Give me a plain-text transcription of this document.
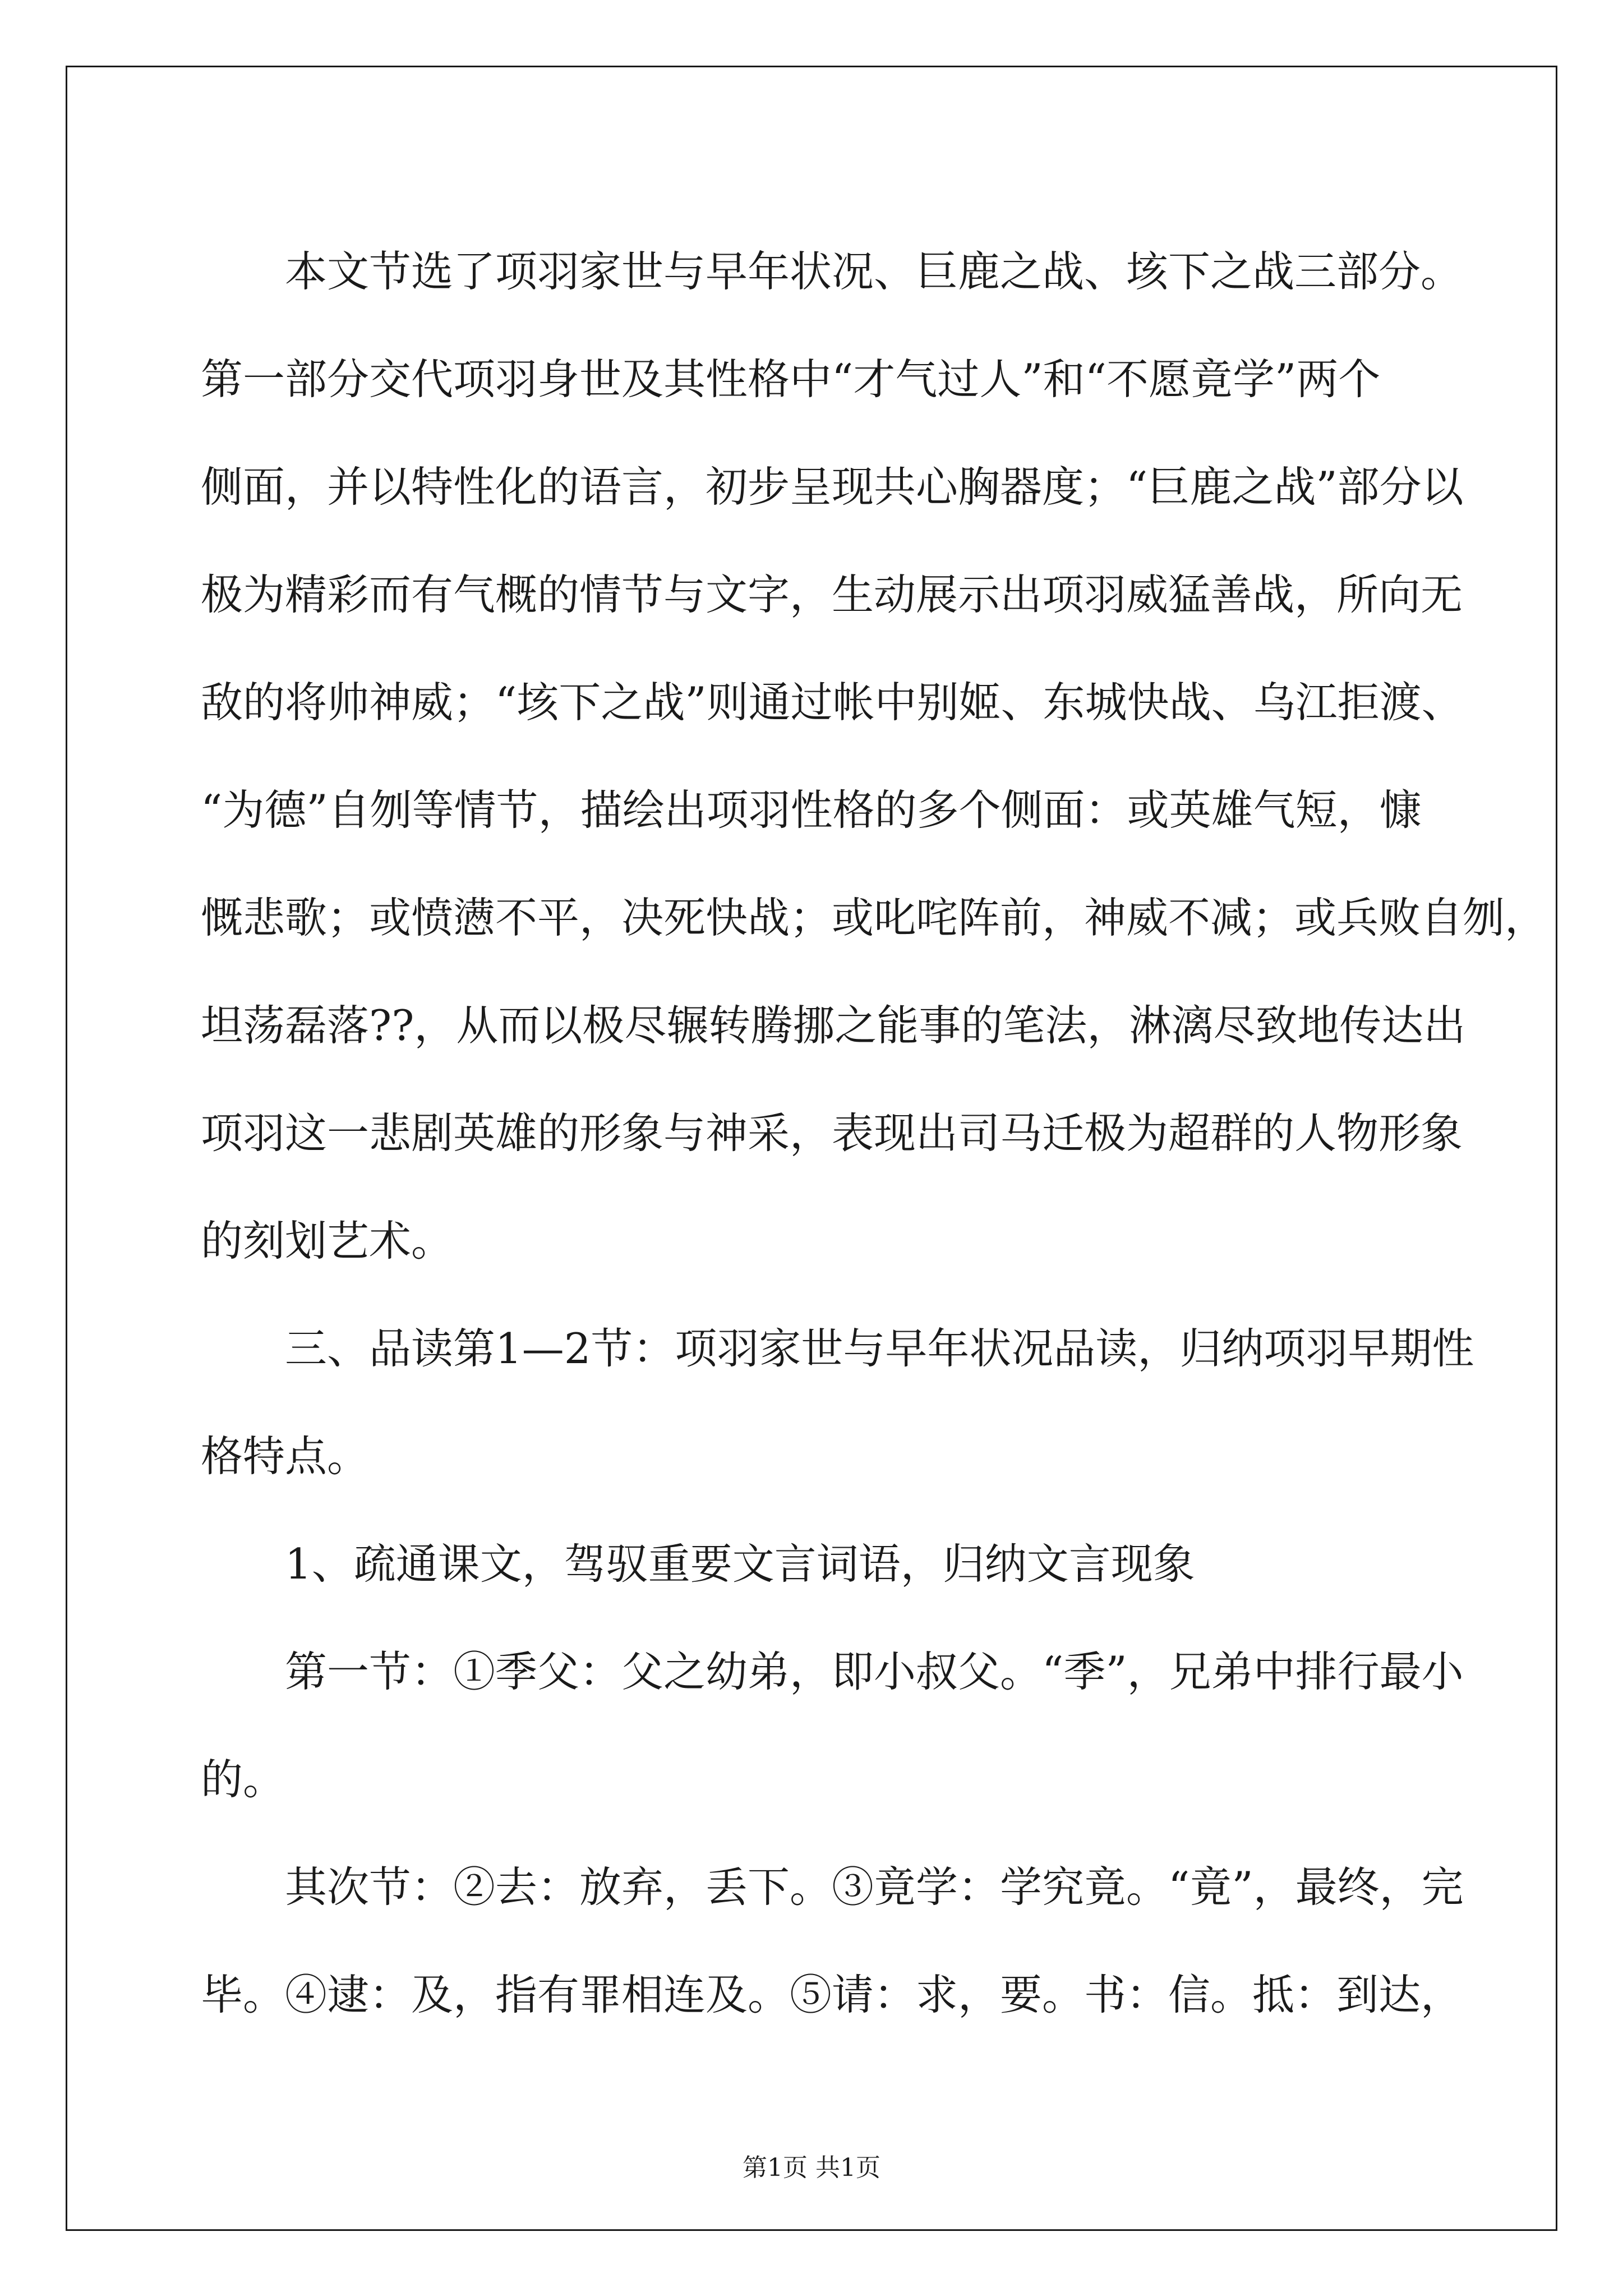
本文节选了项羽家世与早年状况、巨鹿之战、垓下之战三部分。
第一部分交代项羽身世及其性格中“才气过人”和“不愿竟学”两个
侧面，并以特性化的语言，初步呈现共心胸器度；“巨鹿之战”部分以
极为精彩而有气概的情节与文字，生动展示出项羽威猛善战，所向无
敌的将帅神威；“垓下之战”则通过帐中别姬、东城快战、乌江拒渡、
“为德”自刎等情节，描绘出项羽性格的多个侧面：或英雄气短，慷
慨悲歌；或愤懑不平，决死快战；或叱咤阵前，神威不减；或兵败自刎，
坦荡磊落??，从而以极尽辗转腾挪之能事的笔法，淋漓尽致地传达出
项羽这一悲剧英雄的形象与神采，表现出司马迁极为超群的人物形象
的刻划艺术。
三、品读第1—2节：项羽家世与早年状况品读，归纳项羽早期性
格特点。
1、疏通课文，驾驭重要文言词语，归纳文言现象
第一节：①季父：父之幼弟，即小叔父。“季”，兄弟中排行最小
的。
其次节：②去：放弃，丢下。③竟学：学究竟。“竟”，最终，完
毕。④逮：及，指有罪相连及。⑤请：求，要。书：信。抵：到达，
第1页 共1页
